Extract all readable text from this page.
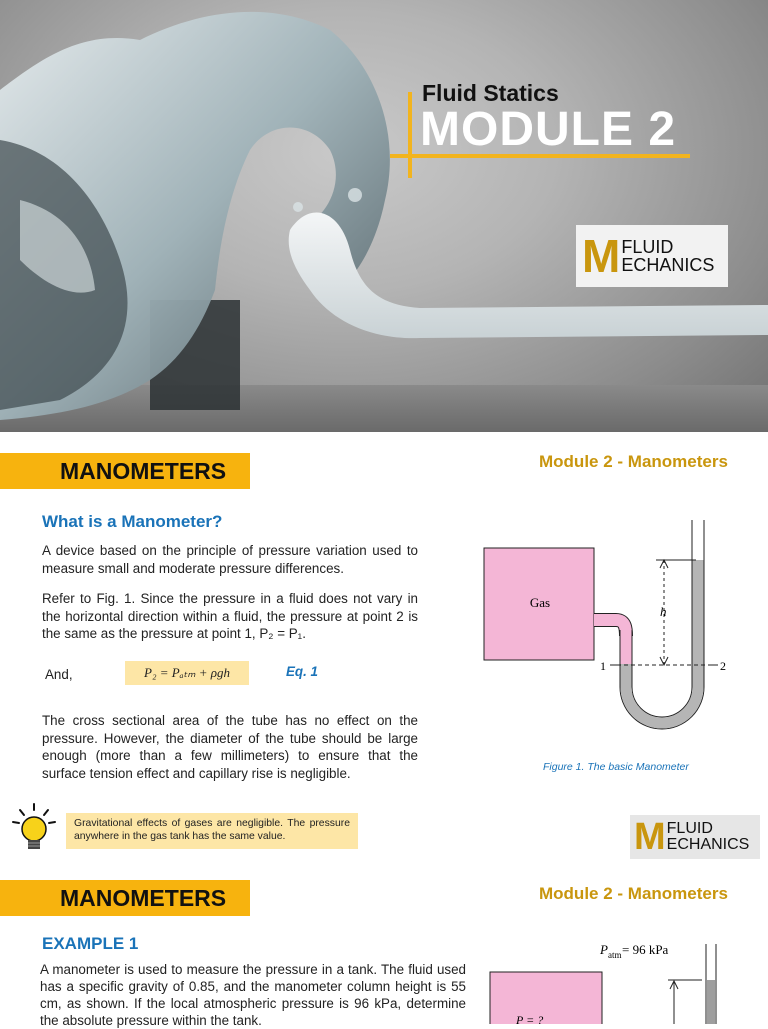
Fluid Statics
MODULE 2
M FLUID
ECHANICS
MANOMETERS	Module 2 - Manometers
What is a Manometer?
A device based on the principle of pressure variation used to measure small and moderate pressure differences.
Refer to Fig. 1. Since the pressure in a fluid does not vary in the horizontal direction within a fluid, the pressure at point 2 is the same as the pressure at point 1, P₂ = P₁.
And,	P₂ = Pₐₜₘ + ρgh	Eq. 1
The cross sectional area of the tube has no effect on the pressure. However, the diameter of the tube should be large enough (more than a few millimeters) to ensure that the surface tension effect and capillary rise is negligible.
Gas
1	2
h
Figure 1. The basic Manometer
Gravitational effects of gases are negligible. The pressure anywhere in the gas tank has the same value.	M FLUID
ECHANICS
MANOMETERS	Module 2 - Manometers
EXAMPLE 1
A manometer is used to measure the pressure in a tank. The fluid used has a specific gravity of 0.85, and the manometer column height is 55 cm, as shown. If the local atmospheric pressure is 96 kPa, determine the absolute pressure within the tank.
P atm = 96 kPa
P = ?
